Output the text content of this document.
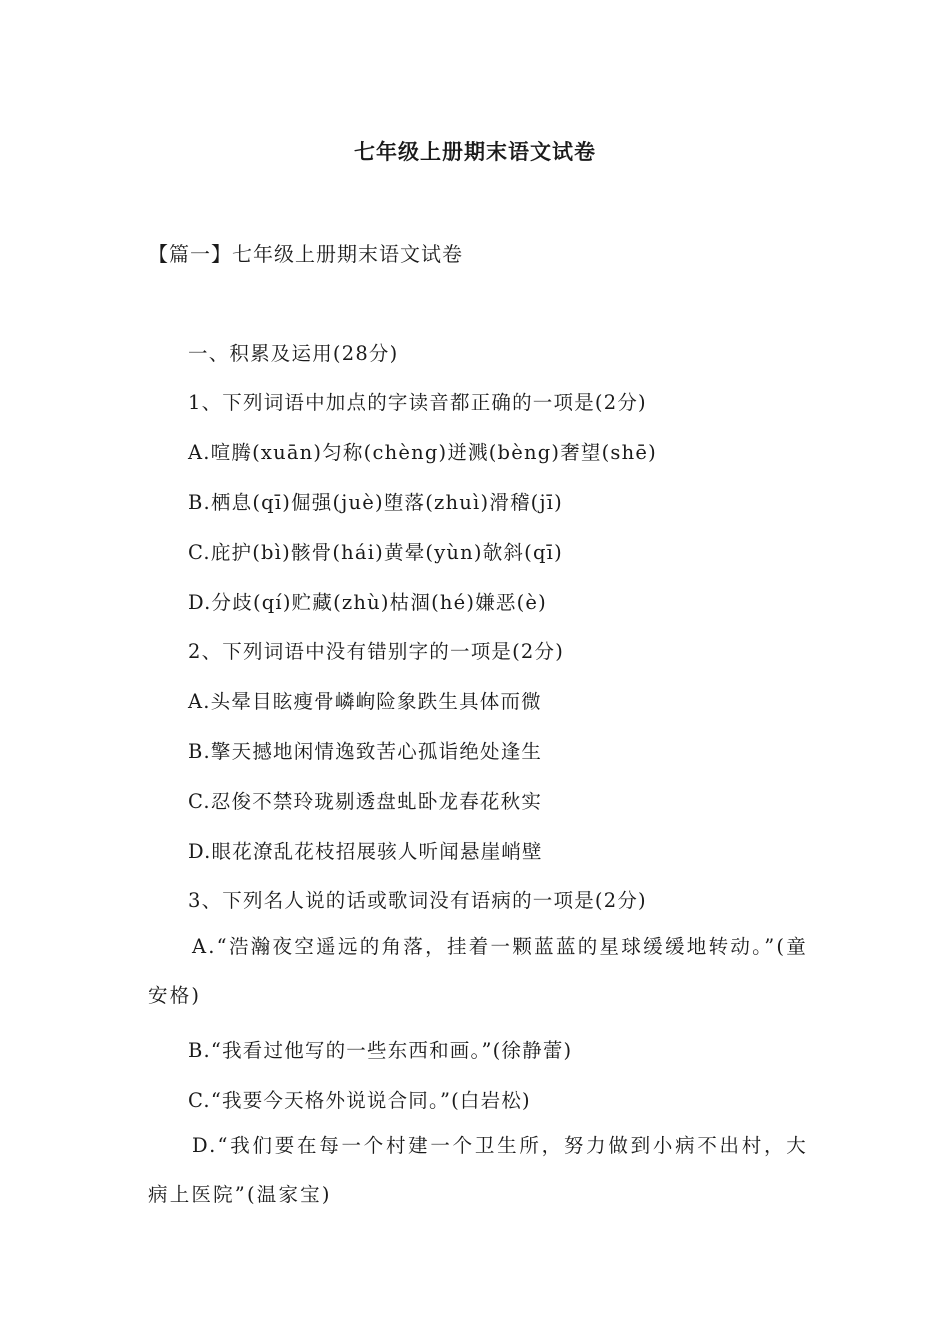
七年级上册期末语文试卷

【篇一】七年级上册期末语文试卷

一、积累及运用(28分)

1、下列词语中加点的字读音都正确的一项是(2分)

A.喧腾(xuān)匀称(chèng)迸溅(bèng)奢望(shē)

B.栖息(qī)倔强(juè)堕落(zhuì)滑稽(jī)

C.庇护(bì)骸骨(hái)黄晕(yùn)欹斜(qī)

D.分歧(qí)贮藏(zhù)枯涸(hé)嫌恶(è)

2、下列词语中没有错别字的一项是(2分)

A.头晕目眩瘦骨嶙峋险象跌生具体而微

B.擎天撼地闲情逸致苦心孤诣绝处逢生

C.忍俊不禁玲珑剔透盘虬卧龙春花秋实

D.眼花潦乱花枝招展骇人听闻悬崖峭壁

3、下列名人说的话或歌词没有语病的一项是(2分)

A.“浩瀚夜空遥远的角落，挂着一颗蓝蓝的星球缓缓地转动。”(童安格)

B.“我看过他写的一些东西和画。”(徐静蕾)

C.“我要今天格外说说合同。”(白岩松)

D.“我们要在每一个村建一个卫生所，努力做到小病不出村，大病上医院”(温家宝)
